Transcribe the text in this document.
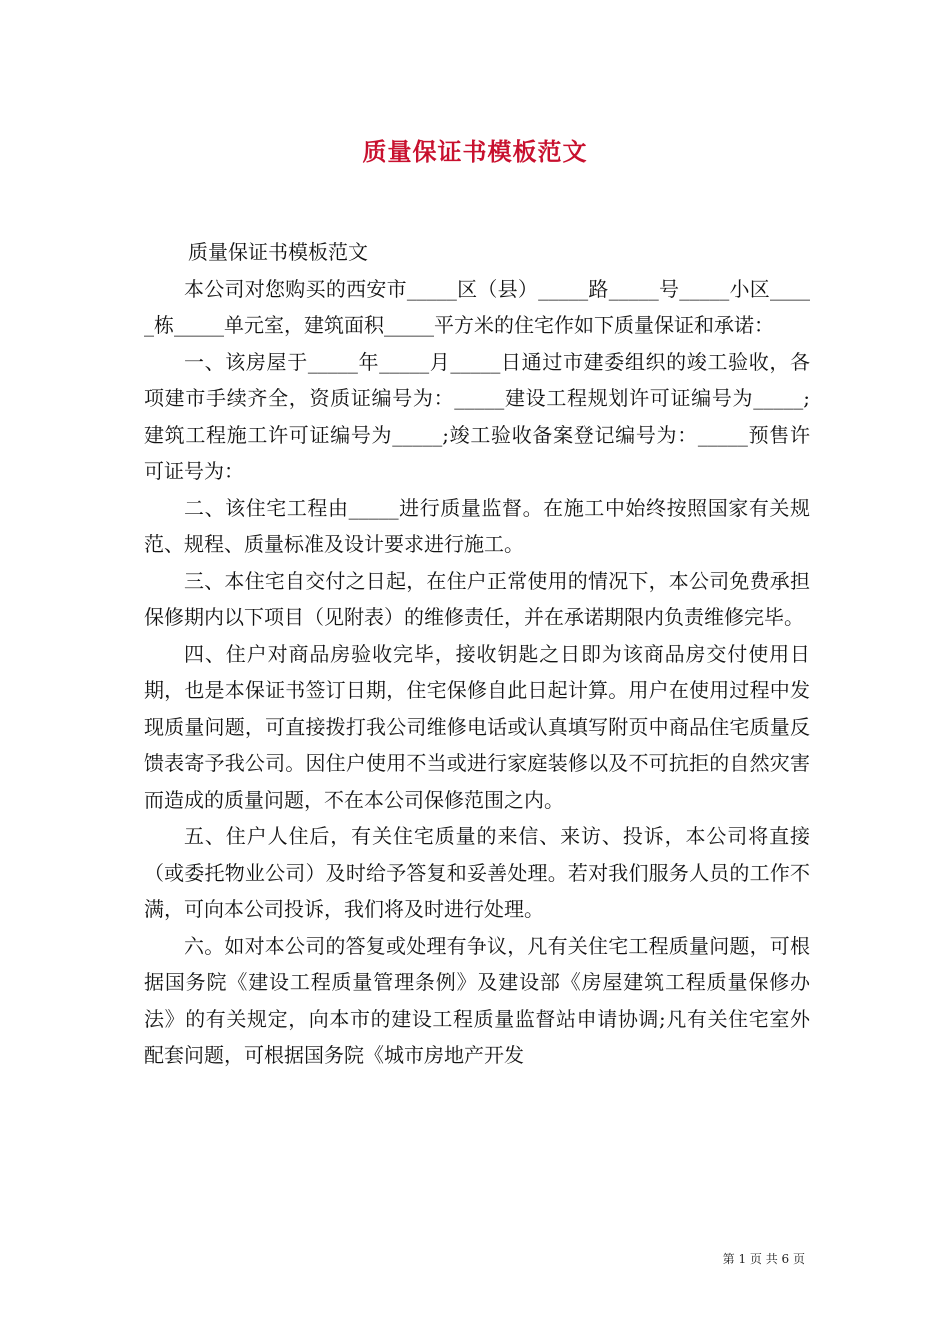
质量保证书模板范文

质量保证书模板范文

本公司对您购买的西安市_____区（县）_____路_____号_____小区_____栋_____单元室，建筑面积_____平方米的住宅作如下质量保证和承诺：

一、该房屋于_____年_____月_____日通过市建委组织的竣工验收，各项建市手续齐全，资质证编号为：_____建设工程规划许可证编号为_____;建筑工程施工许可证编号为_____;竣工验收备案登记编号为：_____预售许可证号为：

二、该住宅工程由_____进行质量监督。在施工中始终按照国家有关规范、规程、质量标准及设计要求进行施工。

三、本住宅自交付之日起，在住户正常使用的情况下，本公司免费承担保修期内以下项目（见附表）的维修责任，并在承诺期限内负责维修完毕。

四、住户对商品房验收完毕，接收钥匙之日即为该商品房交付使用日期，也是本保证书签订日期，住宅保修自此日起计算。用户在使用过程中发现质量问题，可直接拨打我公司维修电话或认真填写附页中商品住宅质量反馈表寄予我公司。因住户使用不当或进行家庭装修以及不可抗拒的自然灾害而造成的质量问题，不在本公司保修范围之内。

五、住户人住后，有关住宅质量的来信、来访、投诉，本公司将直接（或委托物业公司）及时给予答复和妥善处理。若对我们服务人员的工作不满，可向本公司投诉，我们将及时进行处理。

六。如对本公司的答复或处理有争议，凡有关住宅工程质量问题，可根据国务院《建设工程质量管理条例》及建设部《房屋建筑工程质量保修办法》的有关规定，向本市的建设工程质量监督站申请协调;凡有关住宅室外配套问题，可根据国务院《城市房地产开发

第 1 页 共 6 页
